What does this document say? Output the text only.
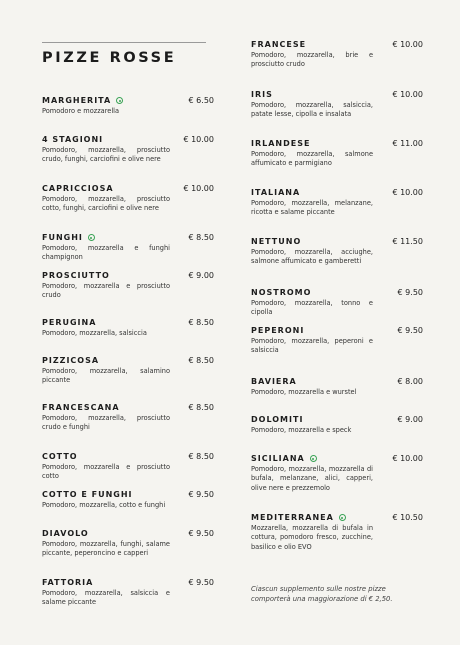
PIZZE ROSSE
MARGHERITA	€ 6.50
Pomodoro e mozzarella
4 STAGIONI	€ 10.00
Pomodoro, mozzarella, prosciutto crudo, funghi, carciofini e olive nere
CAPRICCIOSA	€ 10.00
Pomodoro, mozzarella, prosciutto cotto, funghi, carciofini e olive nere
FUNGHI	€ 8.50
Pomodoro, mozzarella e funghi champignon
PROSCIUTTO	€ 9.00
Pomodoro, mozzarella e prosciutto crudo
PERUGINA	€ 8.50
Pomodoro, mozzarella, salsiccia
PIZZICOSA	€ 8.50
Pomodoro, mozzarella, salamino piccante
FRANCESCANA	€ 8.50
Pomodoro, mozzarella, prosciutto crudo e funghi
COTTO	€ 8.50
Pomodoro, mozzarella e prosciutto cotto
COTTO E FUNGHI	€ 9.50
Pomodoro, mozzarella, cotto e funghi
DIAVOLO	€ 9.50
Pomodoro, mozzarella, funghi, salame piccante, peperoncino e capperi
FATTORIA	€ 9.50
Pomodoro, mozzarella, salsiccia e salame piccante
FRANCESE	€ 10.00
Pomodoro, mozzarella, brie e prosciutto crudo
IRIS	€ 10.00
Pomodoro, mozzarella, salsiccia, patate lesse, cipolla e insalata
IRLANDESE	€ 11.00
Pomodoro, mozzarella, salmone affumicato e parmigiano
ITALIANA	€ 10.00
Pomodoro, mozzarella, melanzane, ricotta e salame piccante
NETTUNO	€ 11.50
Pomodoro, mozzarella, acciughe, salmone affumicato e gamberetti
NOSTROMO	€ 9.50
Pomodoro, mozzarella, tonno e cipolla
PEPERONI	€ 9.50
Pomodoro, mozzarella, peperoni e salsiccia
BAVIERA	€ 8.00
Pomodoro, mozzarella e wurstel
DOLOMITI	€ 9.00
Pomodoro, mozzarella e speck
SICILIANA	€ 10.00
Pomodoro, mozzarella, mozzarella di bufala, melanzane, alici, capperi, olive nere e prezzemolo
MEDITERRANEA	€ 10.50
Mozzarella, mozzarella di bufala in cottura, pomodoro fresco, zucchine, basilico e olio EVO
Ciascun supplemento sulle nostre pizze comporterà una maggiorazione di € 2,50.
